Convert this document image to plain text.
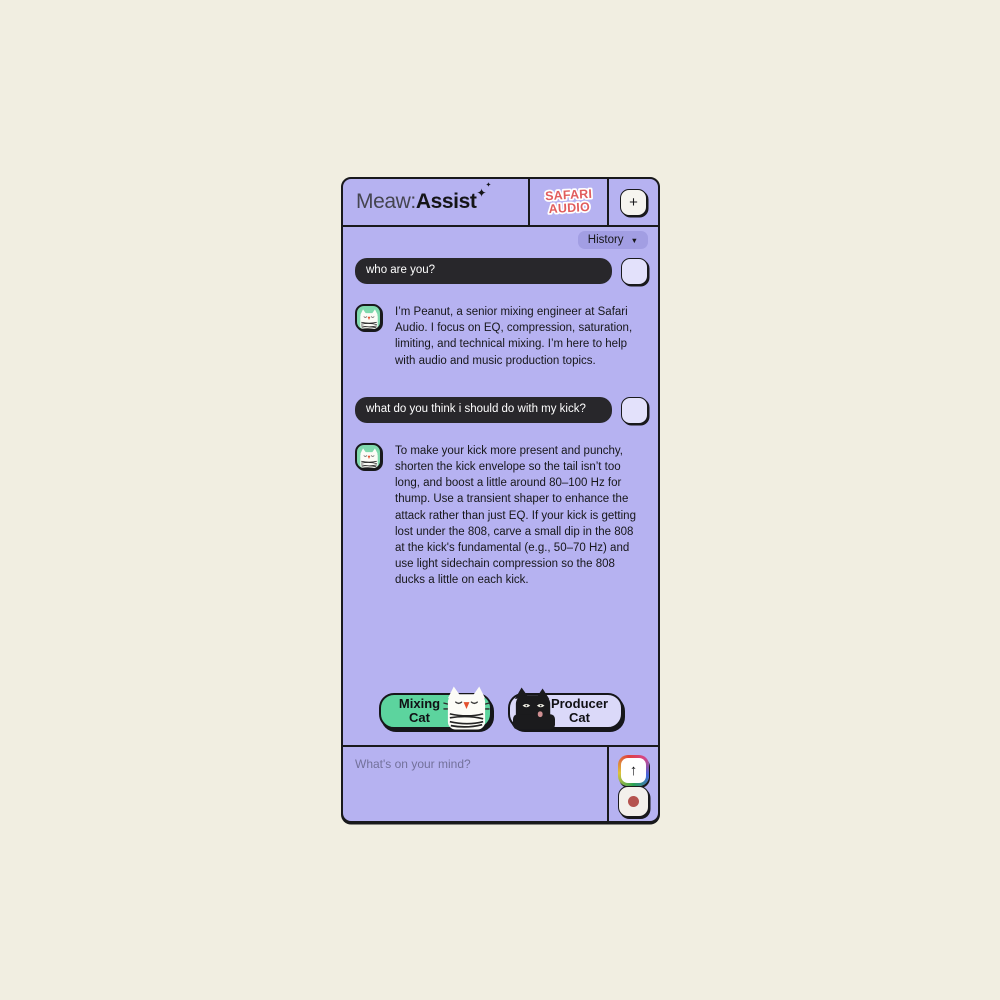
Meaw: Assist ✦
✦
SAFARI
AUDIO	+
History ▼
who are you?

I’m Peanut, a senior mixing engineer at Safari Audio. I focus on EQ, compression, saturation, limiting, and technical mixing. I’m here to help with audio and music production topics.

what do you think i should do with my kick?

To make your kick more present and punchy, shorten the kick envelope so the tail isn’t too long, and boost a little around 80–100 Hz for thump. Use a transient shaper to enhance the attack rather than just EQ. If your kick is getting lost under the 808, carve a small dip in the 808 at the kick's fundamental (e.g., 50–70 Hz) and use light sidechain compression so the 808 ducks a little on each kick.

Mixing
Cat
Producer
Cat
What's on your mind?
↑
